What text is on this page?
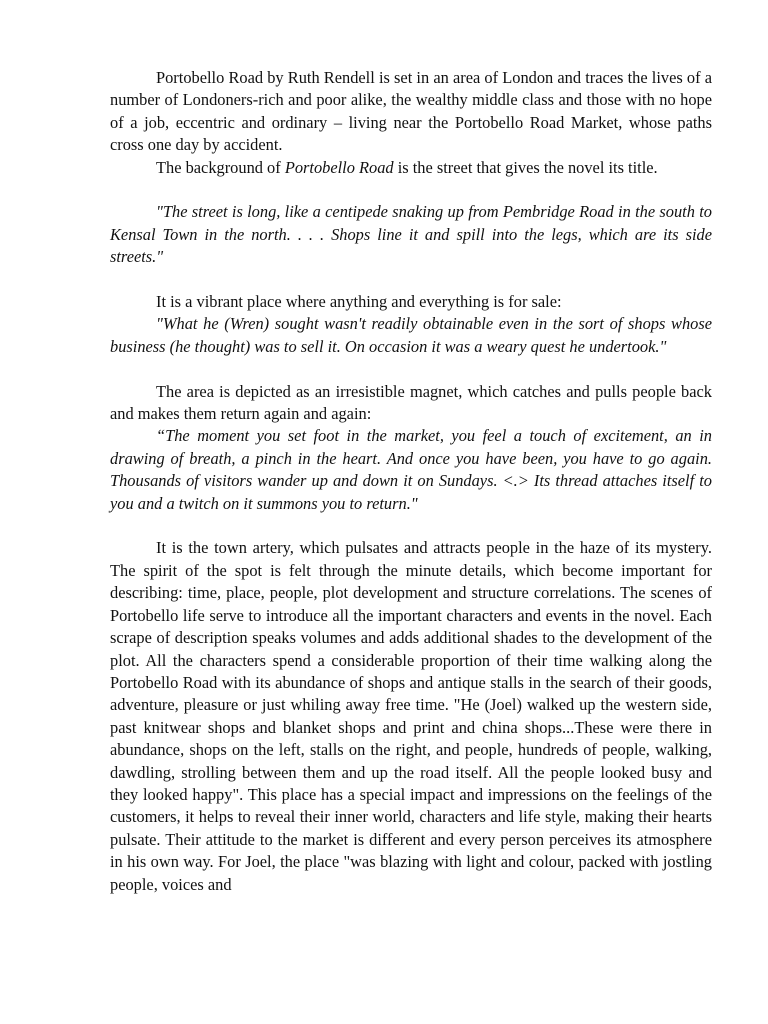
Portobello Road by Ruth Rendell is set in an area of London and traces the lives of a number of Londoners-rich and poor alike, the wealthy middle class and those with no hope of a job, eccentric and ordinary – living near the Portobello Road Market, whose paths cross one day by accident.

The background of Portobello Road is the street that gives the novel its title.

"The street is long, like a centipede snaking up from Pembridge Road in the south to Kensal Town in the north. . . . Shops line it and spill into the legs, which are its side streets."

It is a vibrant place where anything and everything is for sale:

"What he (Wren) sought wasn't readily obtainable even in the sort of shops whose business (he thought) was to sell it. On occasion it was a weary quest he undertook."

The area is depicted as an irresistible magnet, which catches and pulls people back and makes them return again and again:

“The moment you set foot in the market, you feel a touch of excitement, an in drawing of breath, a pinch in the heart. And once you have been, you have to go again. Thousands of visitors wander up and down it on Sundays. <.> Its thread attaches itself to you and a twitch on it summons you to return."

It is the town artery, which pulsates and attracts people in the haze of its mystery. The spirit of the spot is felt through the minute details, which become important for describing: time, place, people, plot development and structure correlations. The scenes of Portobello life serve to introduce all the important characters and events in the novel. Each scrape of description speaks volumes and adds additional shades to the development of the plot. All the characters spend a considerable proportion of their time walking along the Portobello Road with its abundance of shops and antique stalls in the search of their goods, adventure, pleasure or just whiling away free time. "He (Joel) walked up the western side, past knitwear shops and blanket shops and print and china shops...These were there in abundance, shops on the left, stalls on the right, and people, hundreds of people, walking, dawdling, strolling between them and up the road itself. All the people looked busy and they looked happy". This place has a special impact and impressions on the feelings of the customers, it helps to reveal their inner world, characters and life style, making their hearts pulsate. Their attitude to the market is different and every person perceives its atmosphere in his own way. For Joel, the place "was blazing with light and colour, packed with jostling people, voices and
